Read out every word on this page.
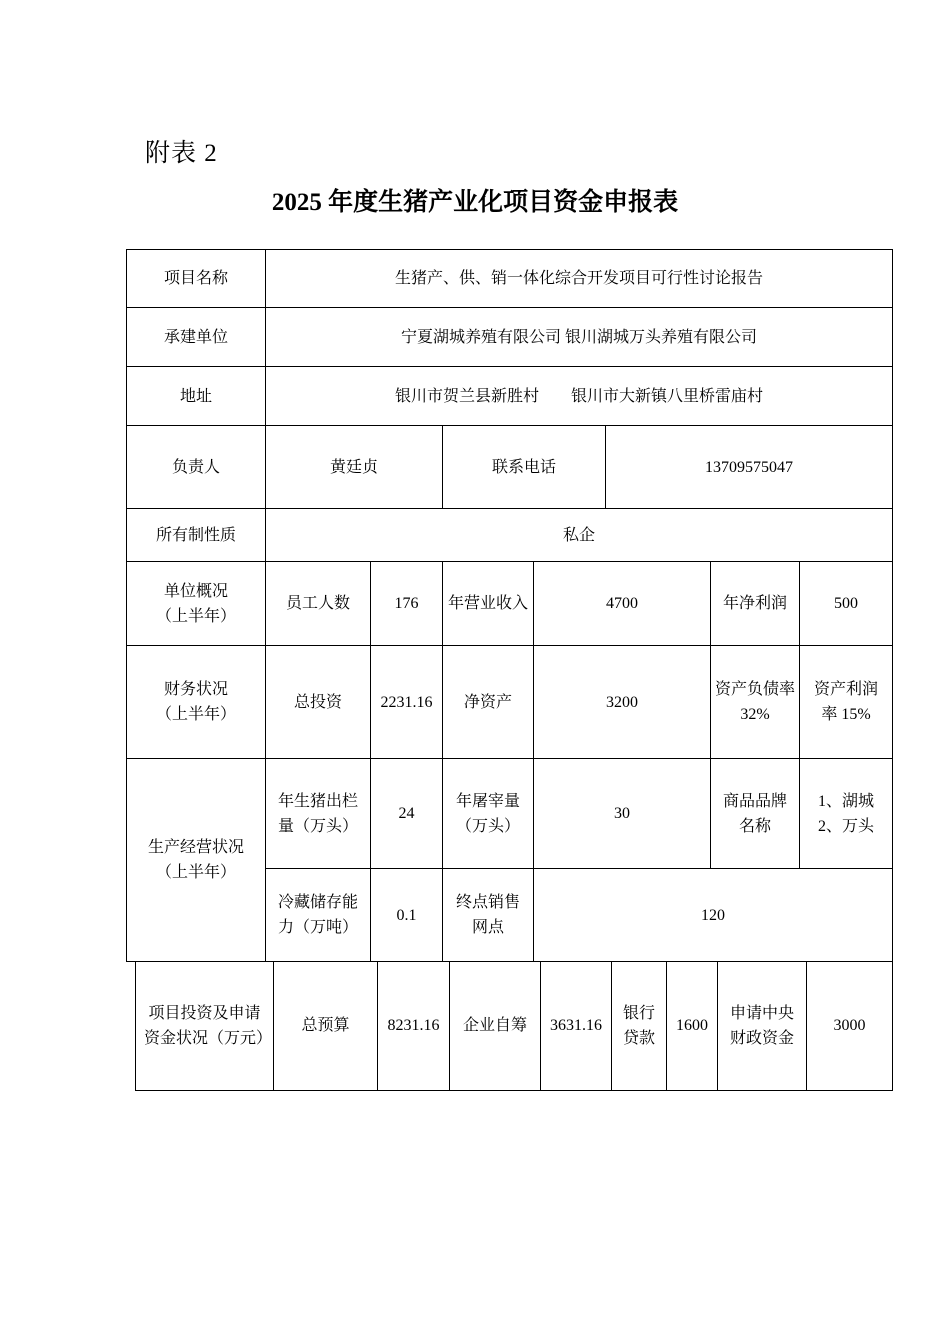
附表 2
2025 年度生猪产业化项目资金申报表
项目名称	生猪产、供、销一体化综合开发项目可行性讨论报告						
承建单位	宁夏湖城养殖有限公司 银川湖城万头养殖有限公司						
地址	银川市贺兰县新胜村　　银川市大新镇八里桥雷庙村						
负责人	黄廷贞		联系电话		13709575047		
所有制性质	私企						
单位概况（上半年）	员工人数	176	年营业收入	4700		年净利润	500
财务状况（上半年）	总投资	2231.16	净资产	3200		资产负债率 32%	资产利润率 15%
生产经营状况（上半年）	年生猪出栏量（万头）	24	年屠宰量（万头）	30		商品品牌名称	1、湖城 2、万头
	冷藏储存能力（万吨）	0.1	终点销售网点	120			
项目投资及申请资金状况（万元）	总预算	8231.16	企业自筹	3631.16	银行贷款	1600	申请中央财政资金	3000
